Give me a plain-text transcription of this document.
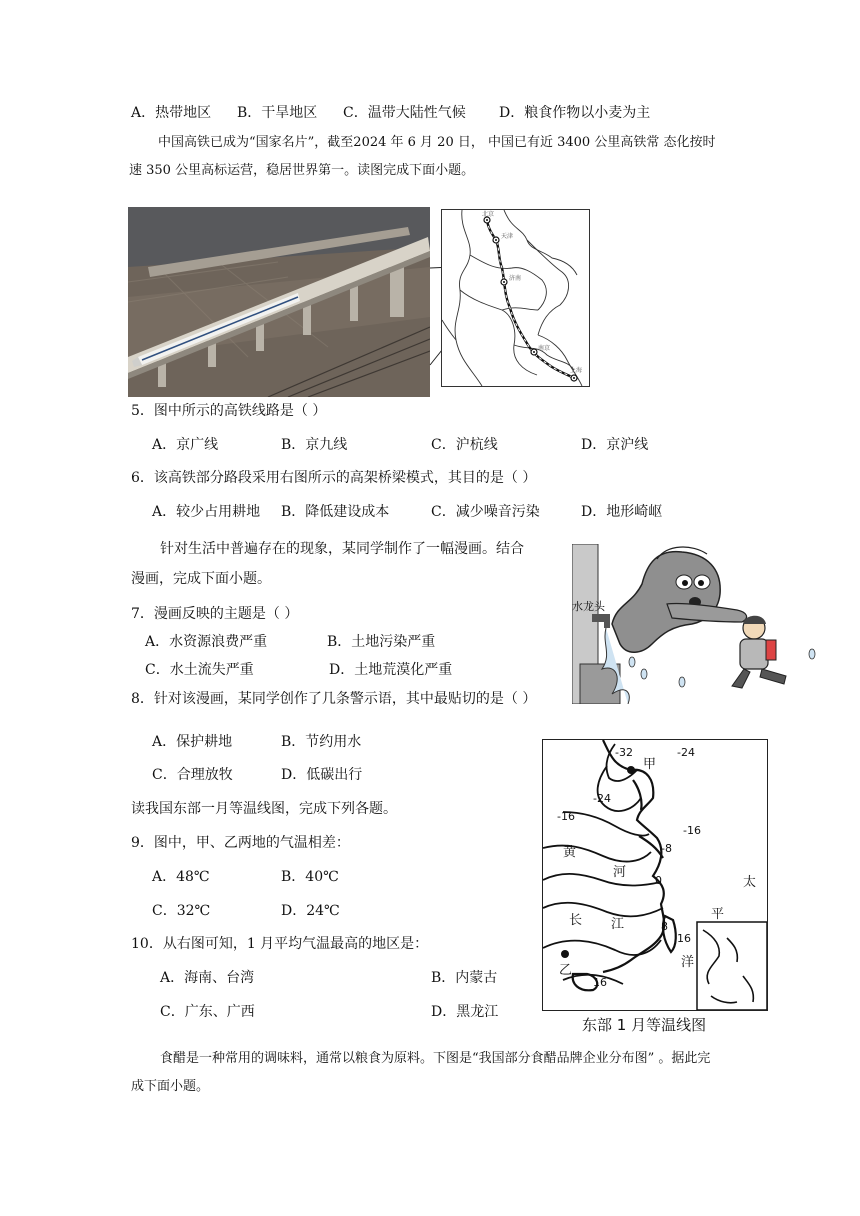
A．热带地区 B．干旱地区 C．温带大陆性气候 D．粮食作物以小麦为主
中国高铁已成为“国家名片”，截至2024 年 6 月 20 日， 中国已有近 3400 公里高铁常 态化按时
速 350 公里高标运营，稳居世界第一。读图完成下面小题。
北京
天津
济南
南京
上海
5．图中所示的高铁线路是（ ）
A．京广线	B．京九线	C．沪杭线	D．京沪线
6．该高铁部分路段采用右图所示的高架桥梁模式，其目的是（ ）
A．较少占用耕地 B．降低建设成本	C．减少噪音污染	D．地形崎岖
针对生活中普遍存在的现象，某同学制作了一幅漫画。结合
漫画，完成下面小题。
水龙头
7．漫画反映的主题是（ ）
A．水资源浪费严重	B．土地污染严重
C．水土流失严重	D．土地荒漠化严重
8．针对该漫画，某同学创作了几条警示语，其中最贴切的是（ ）
A．保护耕地	B．节约用水
C．合理放牧	D．低碳出行
读我国东部一月等温线图，完成下列各题。
9．图中，甲、乙两地的气温相差：
A．48℃	B．40℃
C．32℃	D．24℃
10．从右图可知，1 月平均气温最高的地区是：
A．海南、台湾	B．内蒙古
C．广东、广西	D．黑龙江
-32	-24
甲
-24
-16
-16
-8
黄
河
0
长 江	8
16
乙
16
洋
太
平
东部 1 月等温线图
食醋是一种常用的调味料，通常以粮食为原料。下图是“我国部分食醋品牌企业分布图” 。据此完
成下面小题。
